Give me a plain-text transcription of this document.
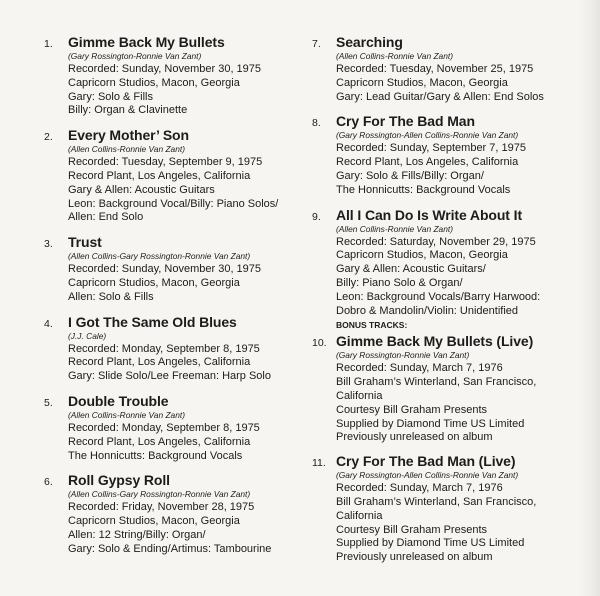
1.	Gimme Back My Bullets
(Gary Rossington-Ronnie Van Zant)
Recorded: Sunday, November 30, 1975
Capricorn Studios, Macon, Georgia
Gary: Solo & Fills
Billy: Organ & Clavinette
2.	Every Mother’ Son
(Allen Collins-Ronnie Van Zant)
Recorded: Tuesday, September 9, 1975
Record Plant, Los Angeles, California
Gary & Allen: Acoustic Guitars
Leon: Background Vocal/Billy: Piano Solos/
Allen: End Solo
3.	Trust
(Allen Collins-Gary Rossington-Ronnie Van Zant)
Recorded: Sunday, November 30, 1975
Capricorn Studios, Macon, Georgia
Allen: Solo & Fills
4.	I Got The Same Old Blues
(J.J. Cale)
Recorded: Monday, September 8, 1975
Record Plant, Los Angeles, California
Gary: Slide Solo/Lee Freeman: Harp Solo
5.	Double Trouble
(Allen Collins-Ronnie Van Zant)
Recorded: Monday, September 8, 1975
Record Plant, Los Angeles, California
The Honnicutts: Background Vocals
6.	Roll Gypsy Roll
(Allen Collins-Gary Rossington-Ronnie Van Zant)
Recorded: Friday, November 28, 1975
Capricorn Studios, Macon, Georgia
Allen: 12 String/Billy: Organ/
Gary: Solo & Ending/Artimus: Tambourine
7.	Searching
(Allen Collins-Ronnie Van Zant)
Recorded: Tuesday, November 25, 1975
Capricorn Studios, Macon, Georgia
Gary: Lead Guitar/Gary & Allen: End Solos
8.	Cry For The Bad Man
(Gary Rossington-Allen Collins-Ronnie Van Zant)
Recorded: Sunday, September 7, 1975
Record Plant, Los Angeles, California
Gary: Solo & Fills/Billy: Organ/
The Honnicutts: Background Vocals
9.	All I Can Do Is Write About It
(Allen Collins-Ronnie Van Zant)
Recorded: Saturday, November 29, 1975
Capricorn Studios, Macon, Georgia
Gary & Allen: Acoustic Guitars/
Billy: Piano Solo & Organ/
Leon: Background Vocals/Barry Harwood:
Dobro & Mandolin/Violin: Unidentified
BONUS TRACKS:
10. Gimme Back My Bullets (Live)
(Gary Rossington-Ronnie Van Zant)
Recorded: Sunday, March 7, 1976
Bill Graham’s Winterland, San Francisco,
California
Courtesy Bill Graham Presents
Supplied by Diamond Time US Limited
Previously unreleased on album
11. Cry For The Bad Man (Live)
(Gary Rossington-Allen Collins-Ronnie Van Zant)
Recorded: Sunday, March 7, 1976
Bill Graham’s Winterland, San Francisco,
California
Courtesy Bill Graham Presents
Supplied by Diamond Time US Limited
Previously unreleased on album
